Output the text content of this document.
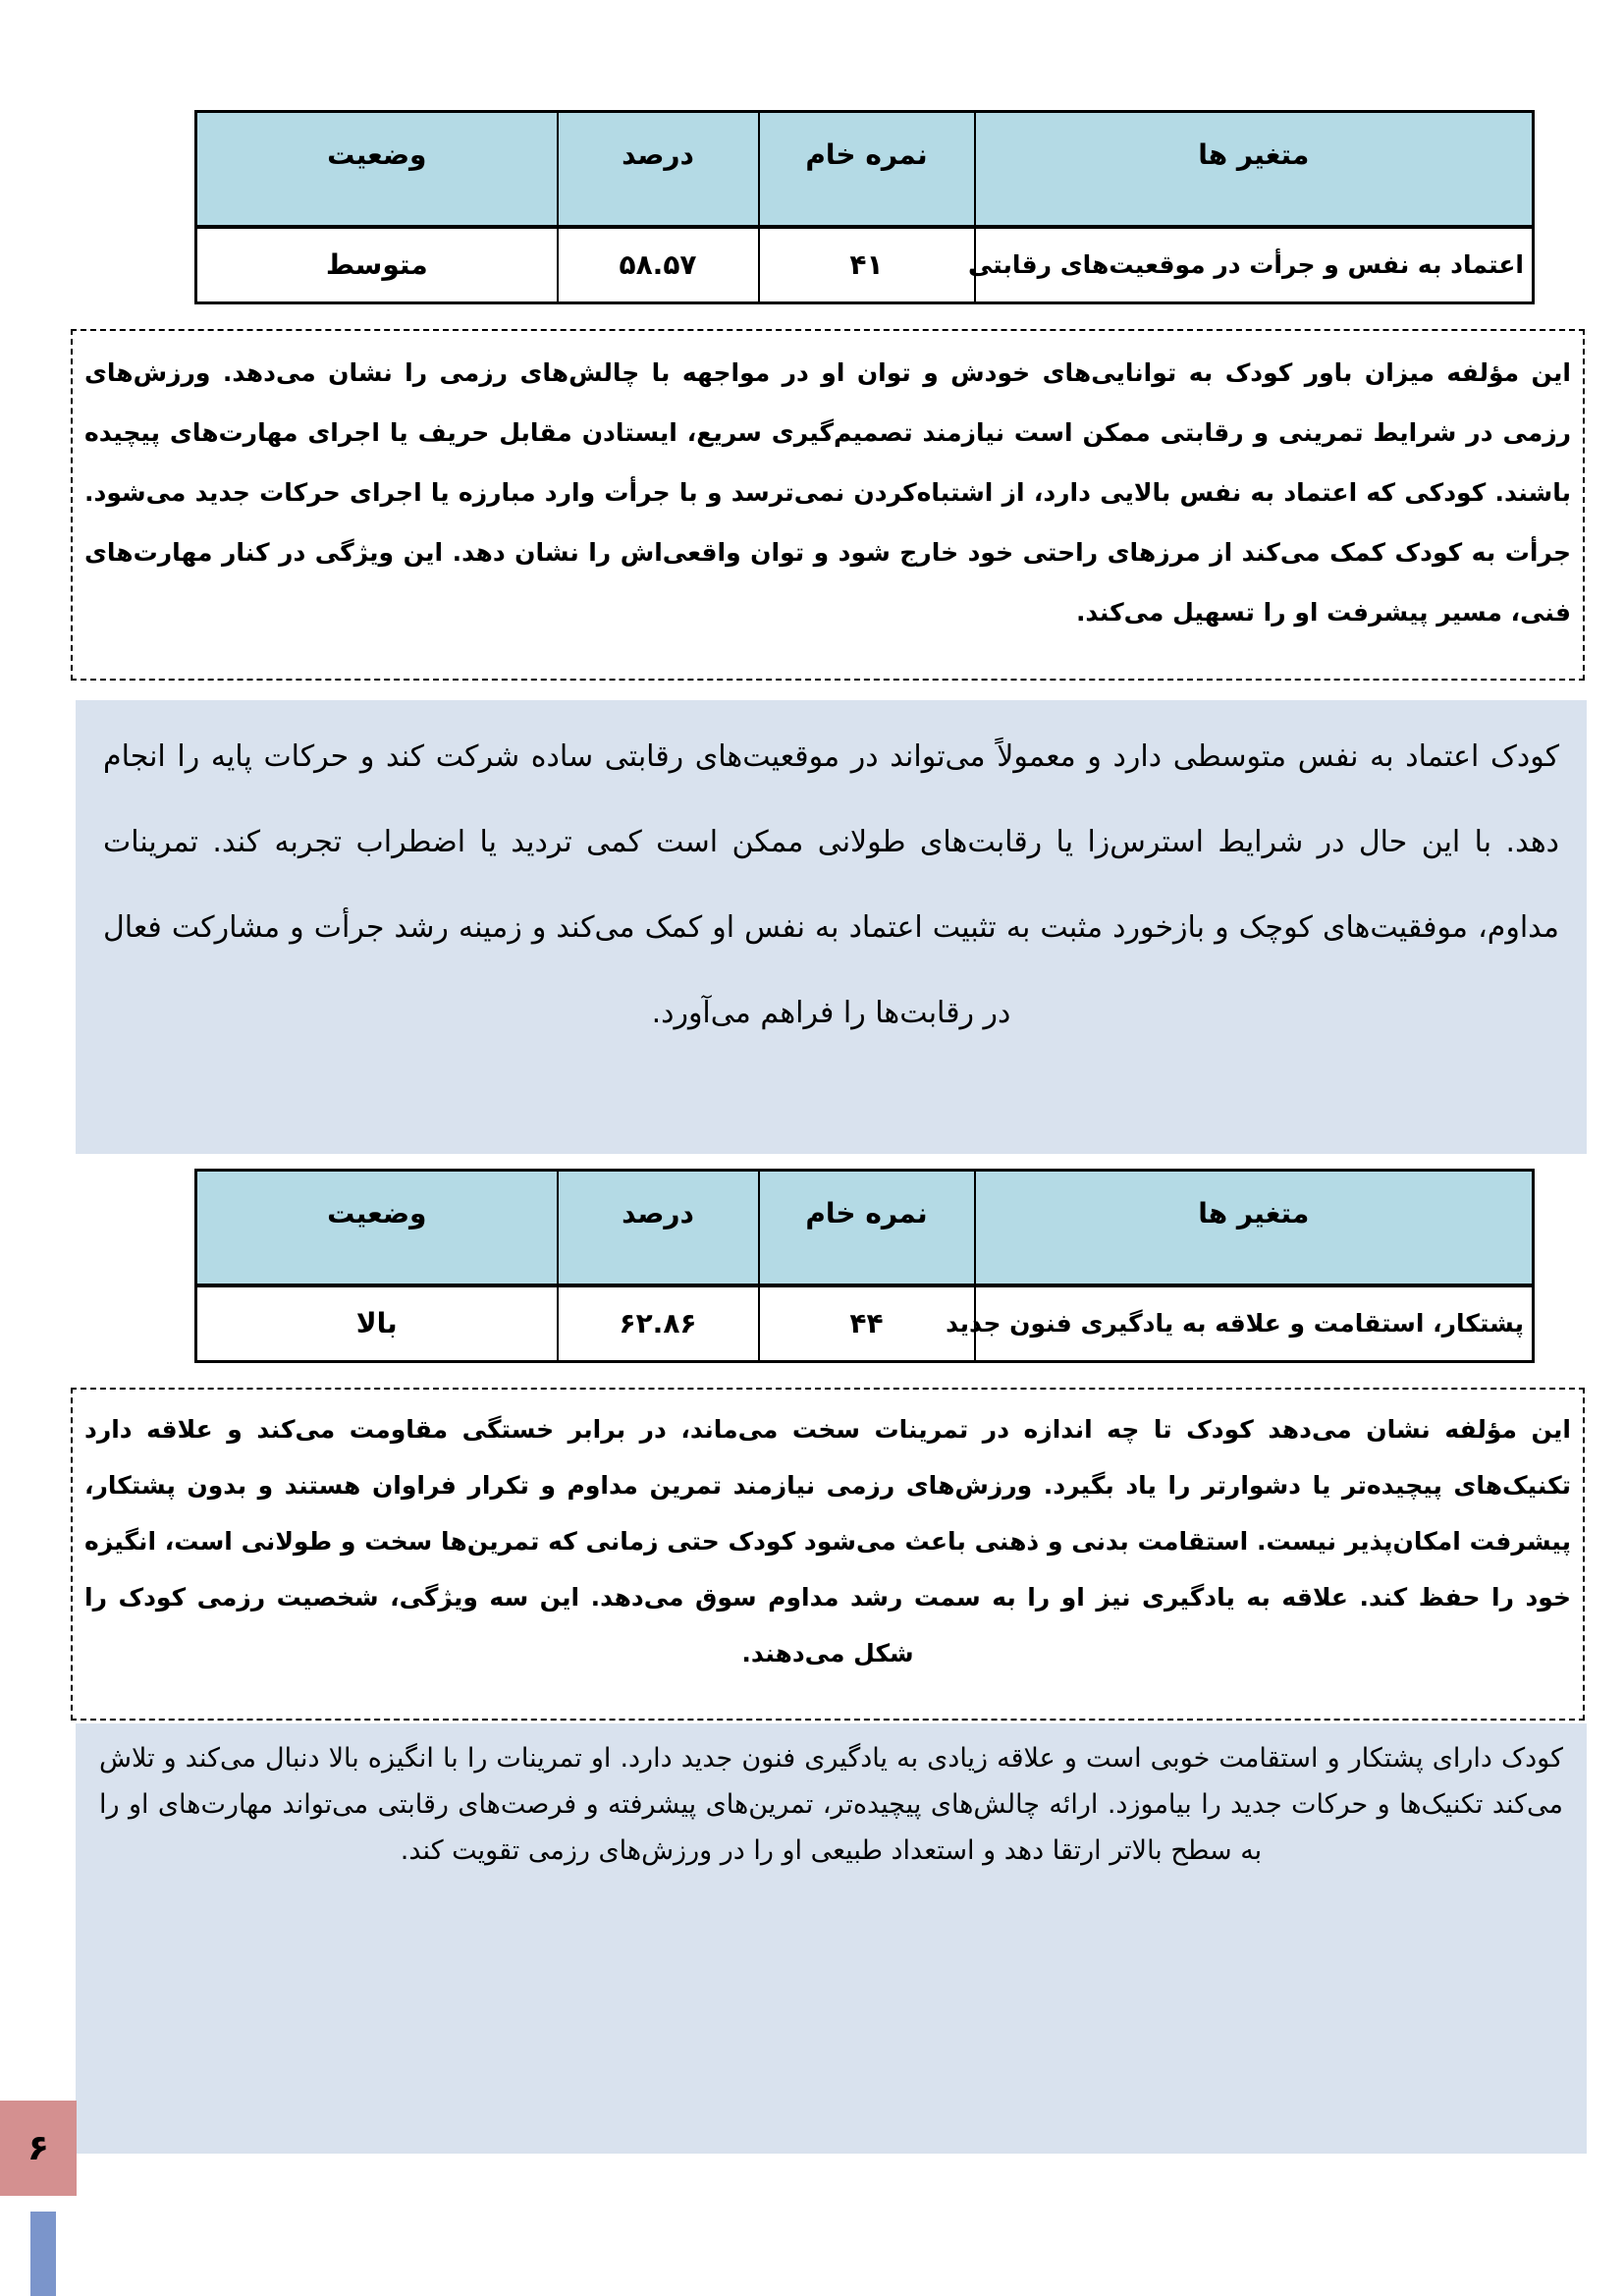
متغیر ها	نمره خام	درصد	وضعیت
اعتماد به نفس و جرأت در موقعیت‌های رقابتی	۴۱	۵۸.۵۷	متوسط
این مؤلفه میزان باور کودک به توانایی‌های خودش و توان او در مواجهه با چالش‌های رزمی را نشان می‌دهد. ورزش‌های رزمی در شرایط تمرینی و رقابتی ممکن است نیازمند تصمیم‌گیری سریع، ایستادن مقابل حریف یا اجرای مهارت‌های پیچیده باشند. کودکی که اعتماد به نفس بالایی دارد، از اشتباه‌کردن نمی‌ترسد و با جرأت وارد مبارزه یا اجرای حرکات جدید می‌شود. جرأت به کودک کمک می‌کند از مرزهای راحتی خود خارج شود و توان واقعی‌اش را نشان دهد. این ویژگی در کنار مهارت‌های فنی، مسیر پیشرفت او را تسهیل می‌کند.
کودک اعتماد به نفس متوسطی دارد و معمولاً می‌تواند در موقعیت‌های رقابتی ساده شرکت کند و حرکات پایه را انجام دهد. با این حال در شرایط استرس‌زا یا رقابت‌های طولانی ممکن است کمی تردید یا اضطراب تجربه کند. تمرینات مداوم، موفقیت‌های کوچک و بازخورد مثبت به تثبیت اعتماد به نفس او کمک می‌کند و زمینه رشد جرأت و مشارکت فعال در رقابت‌ها را فراهم می‌آورد.
متغیر ها	نمره خام	درصد	وضعیت
پشتکار، استقامت و علاقه به یادگیری فنون جدید	۴۴	۶۲.۸۶	بالا
این مؤلفه نشان می‌دهد کودک تا چه اندازه در تمرینات سخت می‌ماند، در برابر خستگی مقاومت می‌کند و علاقه دارد تکنیک‌های پیچیده‌تر یا دشوارتر را یاد بگیرد. ورزش‌های رزمی نیازمند تمرین مداوم و تکرار فراوان هستند و بدون پشتکار، پیشرفت امکان‌پذیر نیست. استقامت بدنی و ذهنی باعث می‌شود کودک حتی زمانی که تمرین‌ها سخت و طولانی است، انگیزه خود را حفظ کند. علاقه به یادگیری نیز او را به سمت رشد مداوم سوق می‌دهد. این سه ویژگی، شخصیت رزمی کودک را شکل می‌دهند.
کودک دارای پشتکار و استقامت خوبی است و علاقه زیادی به یادگیری فنون جدید دارد. او تمرینات را با انگیزه بالا دنبال می‌کند و تلاش می‌کند تکنیک‌ها و حرکات جدید را بیاموزد. ارائه چالش‌های پیچیده‌تر، تمرین‌های پیشرفته و فرصت‌های رقابتی می‌تواند مهارت‌های او را به سطح بالاتر ارتقا دهد و استعداد طبیعی او را در ورزش‌های رزمی تقویت کند.
۶
